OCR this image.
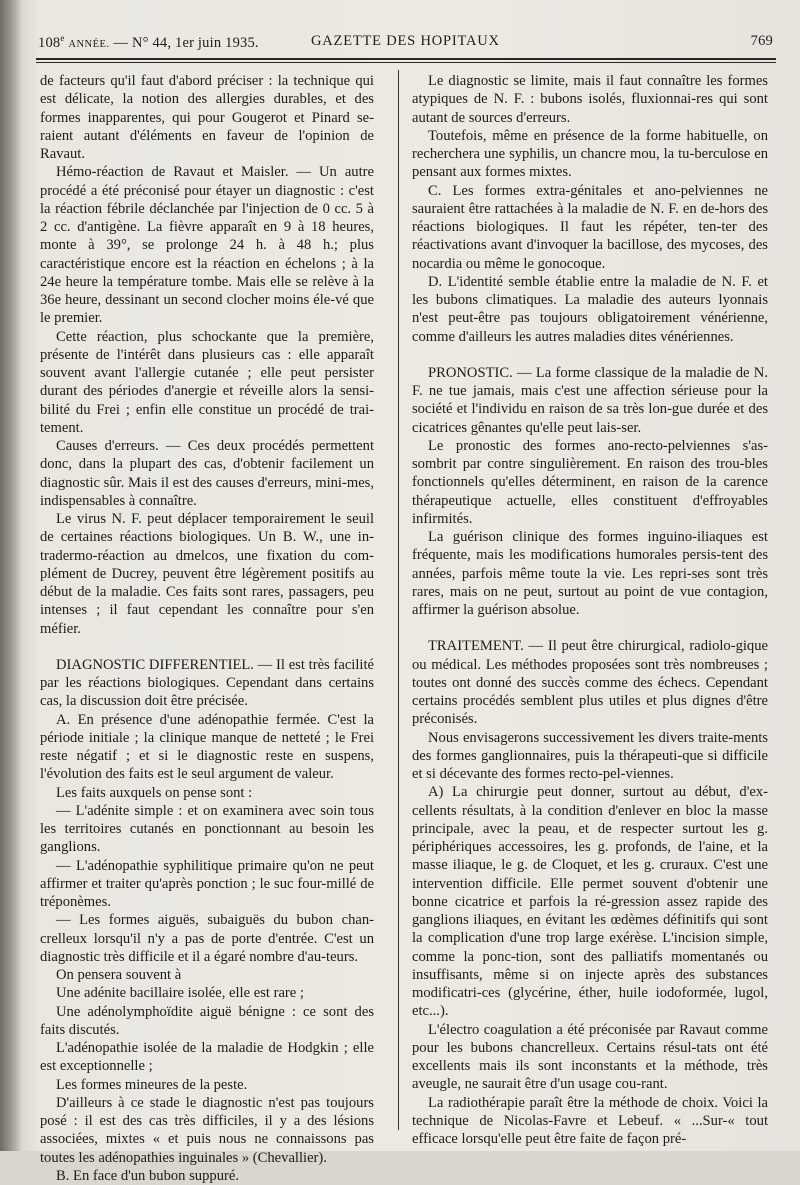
108e ANNÉE. — N° 44, 1er juin 1935.	GAZETTE DES HOPITAUX	769

de facteurs qu'il faut d'abord préciser : la technique qui est délicate, la notion des allergies durables, et des formes inapparentes, qui pour Gougerot et Pinard se-raient autant d'éléments en faveur de l'opinion de Ravaut.

Hémo-réaction de Ravaut et Maisler. — Un autre procédé a été préconisé pour étayer un diagnostic : c'est la réaction fébrile déclanchée par l'injection de 0 cc. 5 à 2 cc. d'antigène. La fièvre apparaît en 9 à 18 heures, monte à 39°, se prolonge 24 h. à 48 h.; plus caractéristique encore est la réaction en échelons ; à la 24e heure la température tombe. Mais elle se relève à la 36e heure, dessinant un second clocher moins éle-vé que le premier.

Cette réaction, plus schockante que la première, présente de l'intérêt dans plusieurs cas : elle apparaît souvent avant l'allergie cutanée ; elle peut persister durant des périodes d'anergie et réveille alors la sensi-bilité du Frei ; enfin elle constitue un procédé de trai-tement.

Causes d'erreurs. — Ces deux procédés permettent donc, dans la plupart des cas, d'obtenir facilement un diagnostic sûr. Mais il est des causes d'erreurs, mini-mes, indispensables à connaître.

Le virus N. F. peut déplacer temporairement le seuil de certaines réactions biologiques. Un B. W., une in-tradermo-réaction au dmelcos, une fixation du com-plément de Ducrey, peuvent être légèrement positifs au début de la maladie. Ces faits sont rares, passagers, peu intenses ; il faut cependant les connaître pour s'en méfier.

DIAGNOSTIC DIFFERENTIEL. — Il est très facilité par les réactions biologiques. Cependant dans certains cas, la discussion doit être précisée.

A. En présence d'une adénopathie fermée. C'est la période initiale ; la clinique manque de netteté ; le Frei reste négatif ; et si le diagnostic reste en suspens, l'évolution des faits est le seul argument de valeur.

Les faits auxquels on pense sont :

— L'adénite simple : et on examinera avec soin tous les territoires cutanés en ponctionnant au besoin les ganglions.

— L'adénopathie syphilitique primaire qu'on ne peut affirmer et traiter qu'après ponction ; le suc four-millé de tréponèmes.

— Les formes aiguës, subaiguës du bubon chan-crelleux lorsqu'il n'y a pas de porte d'entrée. C'est un diagnostic très difficile et il a égaré nombre d'au-teurs.

On pensera souvent à

Une adénite bacillaire isolée, elle est rare ;

Une adénolymphoïdite aiguë bénigne : ce sont des faits discutés.

L'adénopathie isolée de la maladie de Hodgkin ; elle est exceptionnelle ;

Les formes mineures de la peste.

D'ailleurs à ce stade le diagnostic n'est pas toujours posé : il est des cas très difficiles, il y a des lésions associées, mixtes « et puis nous ne connaissons pas toutes les adénopathies inguinales » (Chevallier).

B. En face d'un bubon suppuré.

Le diagnostic se limite, mais il faut connaître les formes atypiques de N. F. : bubons isolés, fluxionnai-res qui sont autant de sources d'erreurs.

Toutefois, même en présence de la forme habituelle, on recherchera une syphilis, un chancre mou, la tu-berculose en pensant aux formes mixtes.

C. Les formes extra-génitales et ano-pelviennes ne sauraient être rattachées à la maladie de N. F. en de-hors des réactions biologiques. Il faut les répéter, ten-ter des réactivations avant d'invoquer la bacillose, des mycoses, des nocardia ou même le gonocoque.

D. L'identité semble établie entre la maladie de N. F. et les bubons climatiques. La maladie des auteurs lyonnais n'est peut-être pas toujours obligatoirement vénérienne, comme d'ailleurs les autres maladies dites vénériennes.

PRONOSTIC. — La forme classique de la maladie de N. F. ne tue jamais, mais c'est une affection sérieuse pour la société et l'individu en raison de sa très lon-gue durée et des cicatrices gênantes qu'elle peut lais-ser.

Le pronostic des formes ano-recto-pelviennes s'as-sombrit par contre singulièrement. En raison des trou-bles fonctionnels qu'elles déterminent, en raison de la carence thérapeutique actuelle, elles constituent d'effroyables infirmités.

La guérison clinique des formes inguino-iliaques est fréquente, mais les modifications humorales persis-tent des années, parfois même toute la vie. Les repri-ses sont très rares, mais on ne peut, surtout au point de vue contagion, affirmer la guérison absolue.

TRAITEMENT. — Il peut être chirurgical, radiolo-gique ou médical. Les méthodes proposées sont très nombreuses ; toutes ont donné des succès comme des échecs. Cependant certains procédés semblent plus utiles et plus dignes d'être préconisés.

Nous envisagerons successivement les divers traite-ments des formes ganglionnaires, puis la thérapeuti-que si difficile et si décevante des formes recto-pel-viennes.

A) La chirurgie peut donner, surtout au début, d'ex-cellents résultats, à la condition d'enlever en bloc la masse principale, avec la peau, et de respecter surtout les g. périphériques accessoires, les g. profonds, de l'aine, et la masse iliaque, le g. de Cloquet, et les g. cruraux. C'est une intervention difficile. Elle permet souvent d'obtenir une bonne cicatrice et parfois la ré-gression assez rapide des ganglions iliaques, en évitant les œdèmes définitifs qui sont la complication d'une trop large exérèse. L'incision simple, comme la ponc-tion, sont des palliatifs momentanés ou insuffisants, même si on injecte après des substances modificatri-ces (glycérine, éther, huile iodoformée, lugol, etc...).

L'électro coagulation a été préconisée par Ravaut comme pour les bubons chancrelleux. Certains résul-tats ont été excellents mais ils sont inconstants et la méthode, très aveugle, ne saurait être d'un usage cou-rant.

La radiothérapie paraît être la méthode de choix. Voici la technique de Nicolas-Favre et Lebeuf. « ...Sur-« tout efficace lorsqu'elle peut être faite de façon pré-
